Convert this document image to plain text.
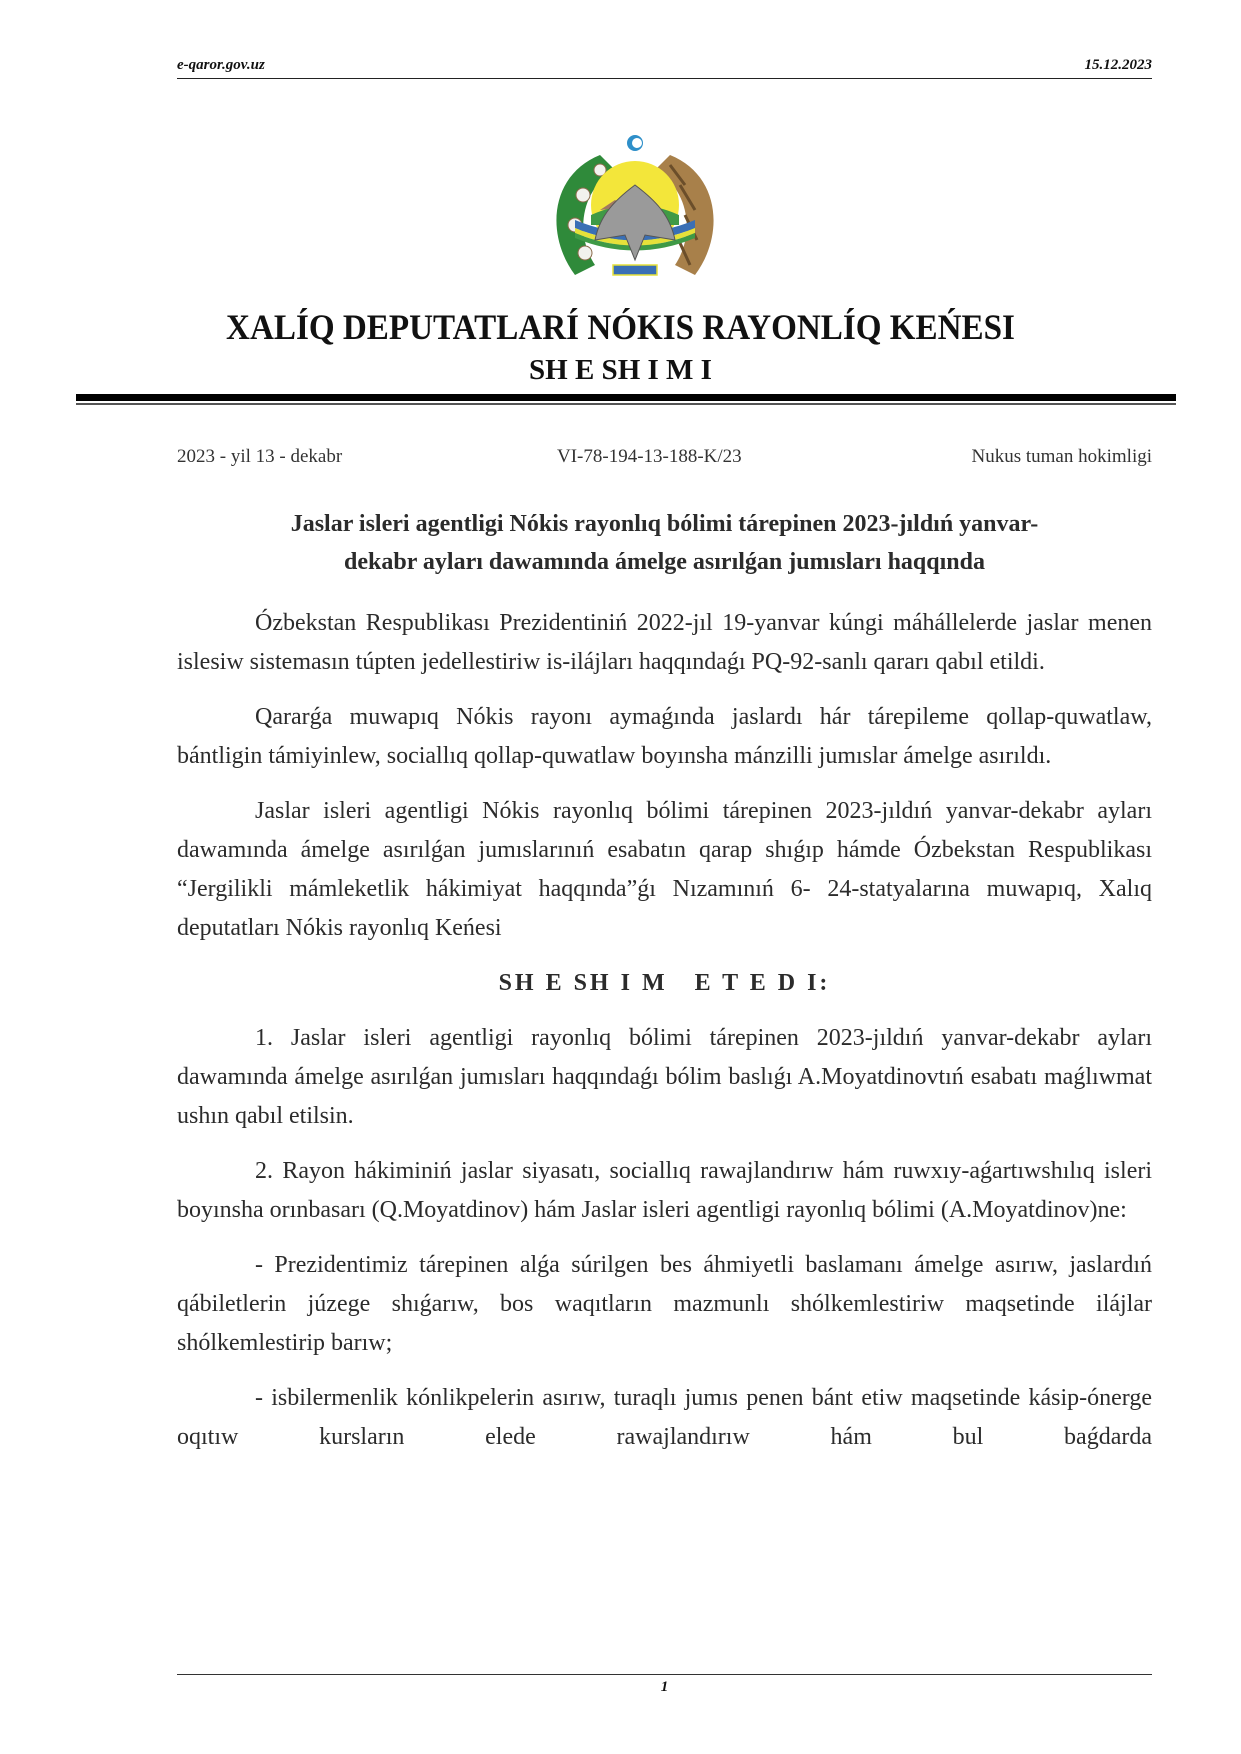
e-qaror.gov.uz	15.12.2023
XALÍQ DEPUTATLARÍ NÓKIS RAYONLÍQ KEŃESI
SH E SH I M I
2023 - yil 13 - dekabr	VI-78-194-13-188-K/23	Nukus tuman hokimligi
Jaslar isleri agentligi Nókis rayonlıq bólimi tárepinen 2023-jıldıń yanvar-
dekabr ayları dawamında ámelge asırılǵan jumısları haqqında

Ózbekstan Respublikası Prezidentiniń 2022-jıl 19-yanvar kúngi máhállelerde jaslar menen islesiw sistemasın túpten jedellestiriw is-ilájları haqqındaǵı PQ-92-sanlı qararı qabıl etildi.

Qararǵa muwapıq Nókis rayonı aymaǵında jaslardı hár tárepileme qollap-quwatlaw, bántligin támiyinlew, sociallıq qollap-quwatlaw boyınsha mánzilli jumıslar ámelge asırıldı.

Jaslar isleri agentligi Nókis rayonlıq bólimi tárepinen 2023-jıldıń yanvar-dekabr ayları dawamında ámelge asırılǵan jumıslarınıń esabatın qarap shıǵıp hámde Ózbekstan Respublikası “Jergilikli mámleketlik hákimiyat haqqında”ǵı Nızamınıń 6- 24-statyalarına muwapıq, Xalıq deputatları Nókis rayonlıq Keńesi

SH E SH I M E T E D I:

1. Jaslar isleri agentligi rayonlıq bólimi tárepinen 2023-jıldıń yanvar-dekabr ayları dawamında ámelge asırılǵan jumısları haqqındaǵı bólim baslıǵı A.Moyatdinovtıń esabatı maǵlıwmat ushın qabıl etilsin.

2. Rayon hákiminiń jaslar siyasatı, sociallıq rawajlandırıw hám ruwxıy-aǵartıwshılıq isleri boyınsha orınbasarı (Q.Moyatdinov) hám Jaslar isleri agentligi rayonlıq bólimi (A.Moyatdinov)ne:

- Prezidentimiz tárepinen alǵa súrilgen bes áhmiyetli baslamanı ámelge asırıw, jaslardıń qábiletlerin júzege shıǵarıw, bos waqıtların mazmunlı shólkemlestiriw maqsetinde ilájlar shólkemlestirip barıw;

- isbilermenlik kónlikpelerin asırıw, turaqlı jumıs penen bánt etiw maqsetinde kásip-ónerge oqıtıw kursların elede rawajlandırıw hám bul baǵdarda

1
